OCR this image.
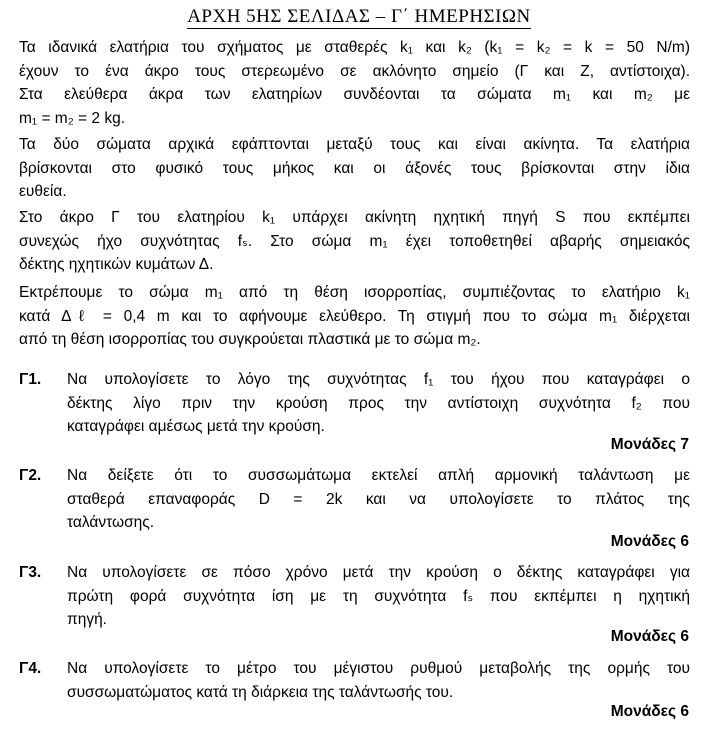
ΑΡΧΗ 5ΗΣ ΣΕΛΙΔΑΣ – Γ΄ ΗΜΕΡΗΣΙΩΝ
Τα ιδανικά ελατήρια του σχήματος με σταθερές k₁ και k₂ (k₁ = k₂ = k = 50 N/m)
έχουν το ένα άκρο τους στερεωμένο σε ακλόνητο σημείο (Γ και Ζ, αντίστοιχα).
Στα ελεύθερα άκρα των ελατηρίων συνδέονται τα σώματα m₁ και m₂ με
m₁ = m₂ = 2 kg.
Τα δύο σώματα αρχικά εφάπτονται μεταξύ τους και είναι ακίνητα. Τα ελατήρια
βρίσκονται στο φυσικό τους μήκος και οι άξονές τους βρίσκονται στην ίδια
ευθεία.
Στο άκρο Γ του ελατηρίου k₁ υπάρχει ακίνητη ηχητική πηγή S που εκπέμπει
συνεχώς ήχο συχνότητας fₛ. Στο σώμα m₁ έχει τοποθετηθεί αβαρής σημειακός
δέκτης ηχητικών κυμάτων Δ.
Εκτρέπουμε το σώμα m₁ από τη θέση ισορροπίας, συμπιέζοντας το ελατήριο k₁
κατά Δℓ = 0,4 m και το αφήνουμε ελεύθερο. Τη στιγμή που το σώμα m₁ διέρχεται
από τη θέση ισορροπίας του συγκρούεται πλαστικά με το σώμα m₂.
Γ1. Να υπολογίσετε το λόγο της συχνότητας f₁ του ήχου που καταγράφει ο
δέκτης λίγο πριν την κρούση προς την αντίστοιχη συχνότητα f₂ που
καταγράφει αμέσως μετά την κρούση.
Μονάδες 7
Γ2. Να δείξετε ότι το συσσωμάτωμα εκτελεί απλή αρμονική ταλάντωση με
σταθερά επαναφοράς D = 2k και να υπολογίσετε το πλάτος της
ταλάντωσης.
Μονάδες 6
Γ3. Να υπολογίσετε σε πόσο χρόνο μετά την κρούση ο δέκτης καταγράφει για
πρώτη φορά συχνότητα ίση με τη συχνότητα fₛ που εκπέμπει η ηχητική
πηγή.
Μονάδες 6
Γ4. Να υπολογίσετε το μέτρο του μέγιστου ρυθμού μεταβολής της ορμής του
συσσωματώματος κατά τη διάρκεια της ταλάντωσής του.
Μονάδες 6
